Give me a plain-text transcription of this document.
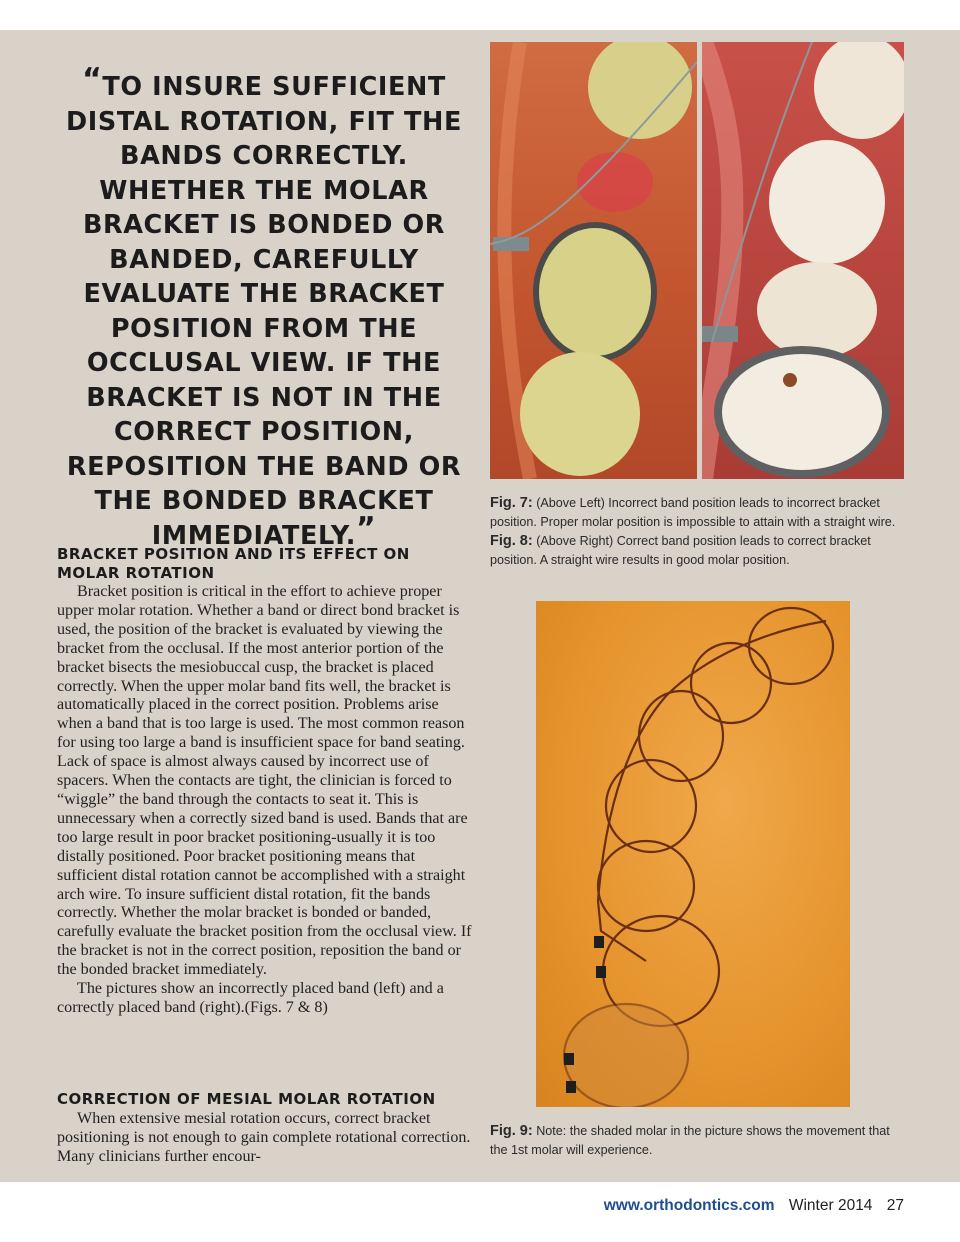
“TO INSURE SUFFICIENT DISTAL ROTATION, FIT THE BANDS CORRECTLY. WHETHER THE MOLAR BRACKET IS BONDED OR BANDED, CAREFULLY EVALUATE THE BRACKET POSITION FROM THE OCCLUSAL VIEW. IF THE BRACKET IS NOT IN THE CORRECT POSITION, REPOSITION THE BAND OR THE BONDED BRACKET IMMEDIATELY.”
BRACKET POSITION AND ITS EFFECT ON MOLAR ROTATION

Bracket position is critical in the effort to achieve proper upper molar rotation. Whether a band or direct bond bracket is used, the position of the bracket is evaluated by viewing the bracket from the occlusal. If the most anterior portion of the bracket bisects the mesiobuccal cusp, the bracket is placed correctly. When the upper molar band fits well, the bracket is automatically placed in the correct position. Problems arise when a band that is too large is used. The most common reason for using too large a band is insufficient space for band seating. Lack of space is almost always caused by incorrect use of spacers. When the contacts are tight, the clinician is forced to “wiggle” the band through the contacts to seat it. This is unnecessary when a correctly sized band is used. Bands that are too large result in poor bracket positioning-usually it is too distally positioned. Poor bracket positioning means that sufficient distal rotation cannot be accomplished with a straight arch wire. To insure sufficient distal rotation, fit the bands correctly. Whether the molar bracket is bonded or banded, carefully evaluate the bracket position from the occlusal view. If the bracket is not in the correct position, reposition the band or the bonded bracket immediately.

The pictures show an incorrectly placed band (left) and a correctly placed band (right).(Figs. 7 & 8)

CORRECTION OF MESIAL MOLAR ROTATION

When extensive mesial rotation occurs, correct bracket positioning is not enough to gain complete rotational correction. Many clinicians further encour-

Fig. 7: (Above Left) Incorrect band position leads to incorrect bracket position. Proper molar position is impossible to attain with a straight wire. Fig. 8: (Above Right) Correct band position leads to correct bracket position. A straight wire results in good molar position.
Fig. 9: Note: the shaded molar in the picture shows the movement that the 1st molar will experience.
www.orthodontics.com Winter 2014 27
